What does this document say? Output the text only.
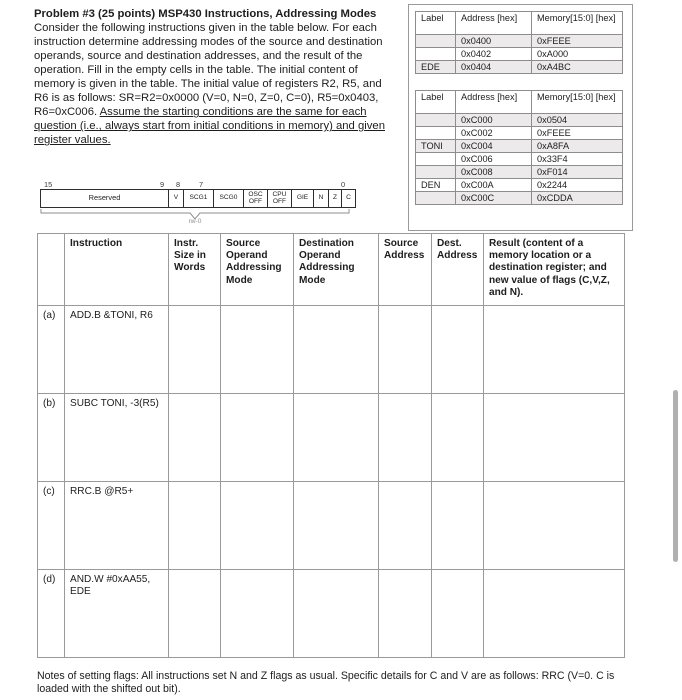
Problem #3 (25 points) MSP430 Instructions, Addressing Modes
Consider the following instructions given in the table below. For each instruction determine addressing modes of the source and destination operands, source and destination addresses, and the result of the operation. Fill in the empty cells in the table. The initial content of memory is given in the table. The initial value of registers R2, R5, and R6 is as follows: SR=R2=0x0000 (V=0, N=0, Z=0, C=0), R5=0x0403, R6=0xC006. Assume the starting conditions are the same for each question (i.e., always start from initial conditions in memory) and given register values.
Label	Address [hex]	Memory[15:0] [hex]
	0x0400	0xFEEE
	0x0402	0xA000
EDE	0x0404	0xA4BC
Label	Address [hex]	Memory[15:0] [hex]
	0xC000	0x0504
	0xC002	0xFEEE
TONI	0xC004	0xA8FA
	0xC006	0x33F4
	0xC008	0xF014
DEN	0xC00A	0x2244
	0xC00C	0xCDDA
15	9 8	7	0
Reserved	V	SCG1	SCG0	OSC
OFF
CPU
OFF	GIE	N	Z	C
rw-0
	Instruction	Instr. Size in Words	Source Operand Addressing Mode	Destination Operand Addressing Mode	Source Address	Dest. Address	Result (content of a memory location or a destination register; and new value of flags (C,V,Z, and N).
(a)	ADD.B &TONI, R6						
(b)	SUBC TONI, -3(R5)						
(c)	RRC.B @R5+						
(d)	AND.W #0xAA55, EDE						
Notes of setting flags: All instructions set N and Z flags as usual. Specific details for C and V are as follows: RRC (V=0. C is loaded with the shifted out bit).
